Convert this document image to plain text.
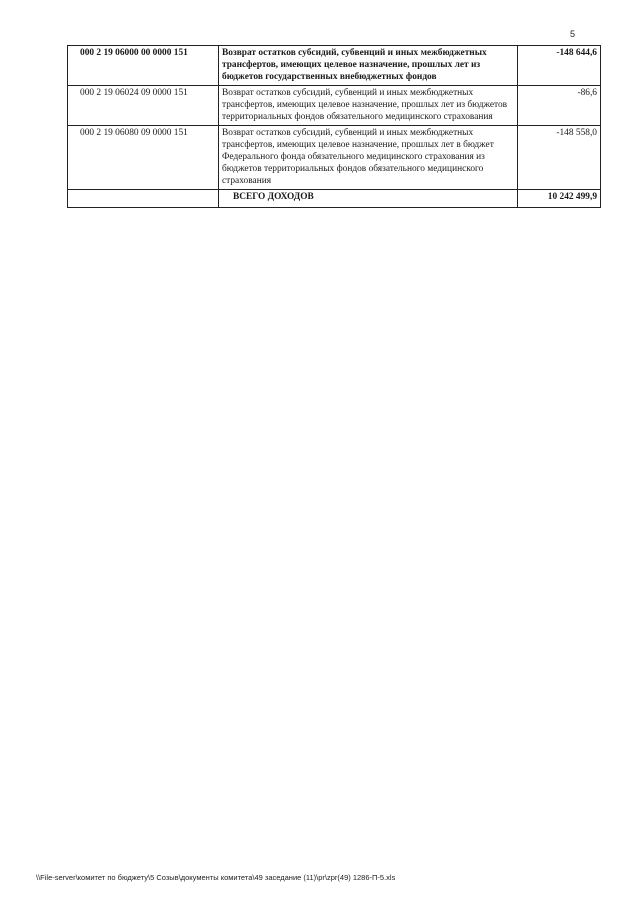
5
000 2 19 06000 00 0000 151	Возврат остатков субсидий, субвенций и иных межбюджетных трансфертов, имеющих целевое назначение, прошлых лет из бюджетов государственных внебюджетных фондов	-148 644,6
000 2 19 06024 09 0000 151	Возврат остатков субсидий, субвенций и иных межбюджетных трансфертов, имеющих целевое назначение, прошлых лет из бюджетов территориальных фондов обязательного медицинского страхования	-86,6
000 2 19 06080 09 0000 151	Возврат остатков субсидий, субвенций и иных межбюджетных трансфертов, имеющих целевое назначение, прошлых лет в бюджет Федерального фонда обязательного медицинского страхования из бюджетов территориальных фондов обязательного медицинского страхования	-148 558,0
	ВСЕГО ДОХОДОВ	10 242 499,9
\\File-server\комитет по бюджету\5 Созыв\документы комитета\49 заседание (11)\pr\zpr(49) 1286-П-5.xls
